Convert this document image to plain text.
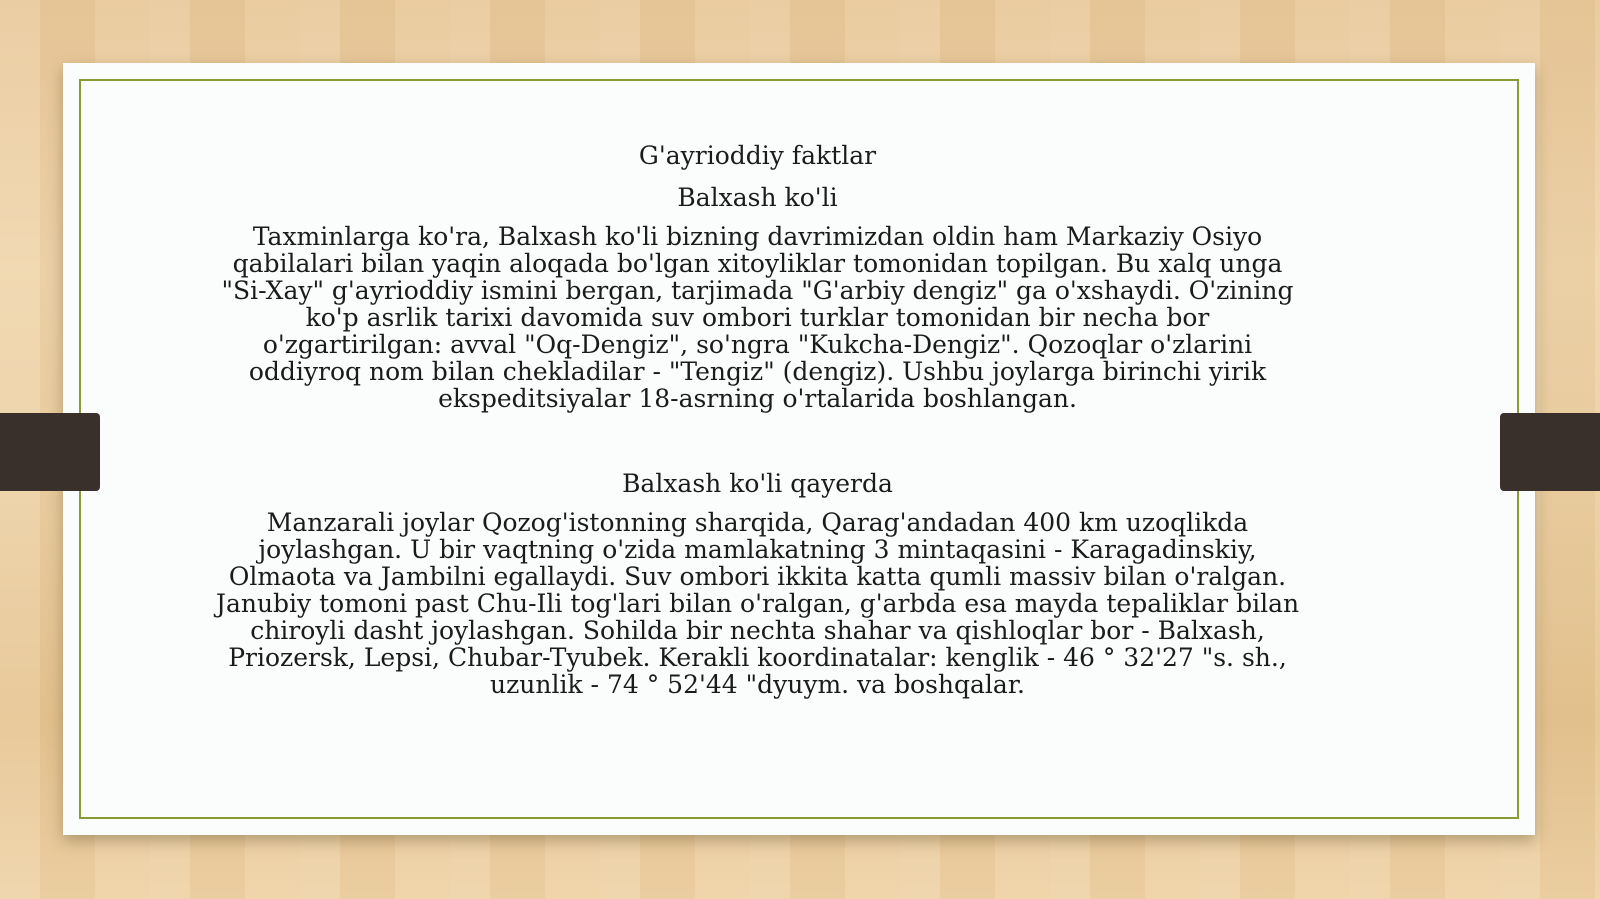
G'ayrioddiy faktlar
Balxash ko'li

Taxminlarga ko'ra, Balxash ko'li bizning davrimizdan oldin ham Markaziy Osiyo qabilalari bilan yaqin aloqada bo'lgan xitoyliklar tomonidan topilgan. Bu xalq unga "Si-Xay" g'ayrioddiy ismini bergan, tarjimada "G'arbiy dengiz" ga o'xshaydi. O'zining ko'p asrlik tarixi davomida suv ombori turklar tomonidan bir necha bor o'zgartirilgan: avval "Oq-Dengiz", so'ngra "Kukcha-Dengiz". Qozoqlar o'zlarini oddiyroq nom bilan chekladilar - "Tengiz" (dengiz). Ushbu joylarga birinchi yirik ekspeditsiyalar 18-asrning o'rtalarida boshlangan.

Balxash ko'li qayerda

Manzarali joylar Qozog'istonning sharqida, Qarag'andadan 400 km uzoqlikda joylashgan. U bir vaqtning o'zida mamlakatning 3 mintaqasini - Karagadinskiy, Olmaota va Jambilni egallaydi. Suv ombori ikkita katta qumli massiv bilan o'ralgan. Janubiy tomoni past Chu-Ili tog'lari bilan o'ralgan, g'arbda esa mayda tepaliklar bilan chiroyli dasht joylashgan. Sohilda bir nechta shahar va qishloqlar bor - Balxash, Priozersk, Lepsi, Chubar-Tyubek. Kerakli koordinatalar: kenglik - 46 ° 32'27 "s. sh., uzunlik - 74 ° 52'44 "dyuym. va boshqalar.
